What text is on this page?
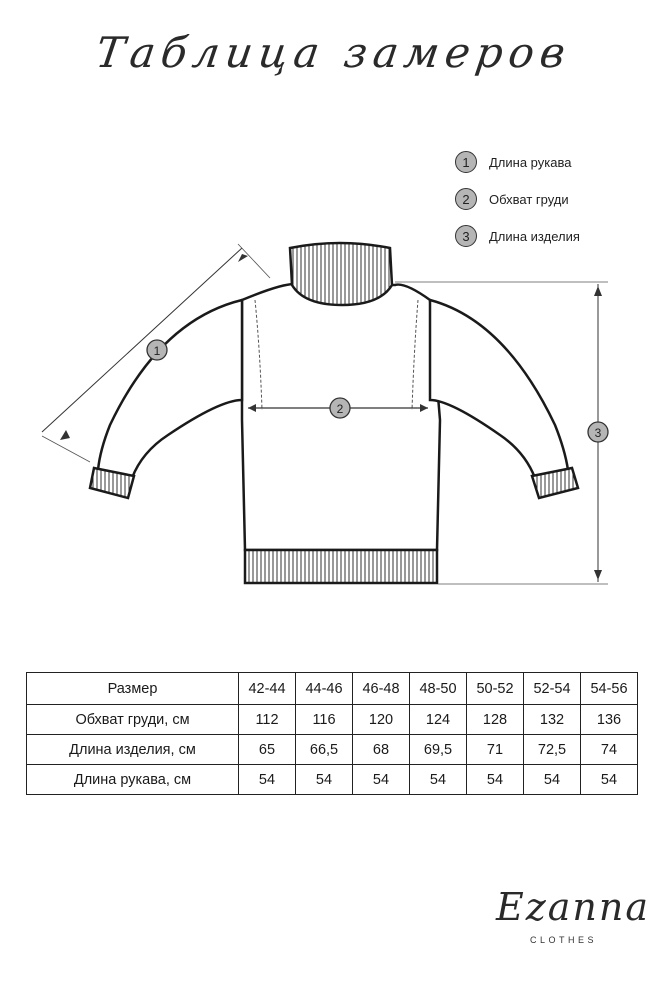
Таблица замеров
1
2
3
1	Длина рукава
2	Обхват груди
3	Длина изделия
Размер	42-44	44-46	46-48	48-50	50-52	52-54	54-56
Обхват груди, см	112	116	120	124	128	132	136
Длина изделия, см	65	66,5	68	69,5	71	72,5	74
Длина рукава, см	54	54	54	54	54	54	54
Ezanna
CLOTHES
